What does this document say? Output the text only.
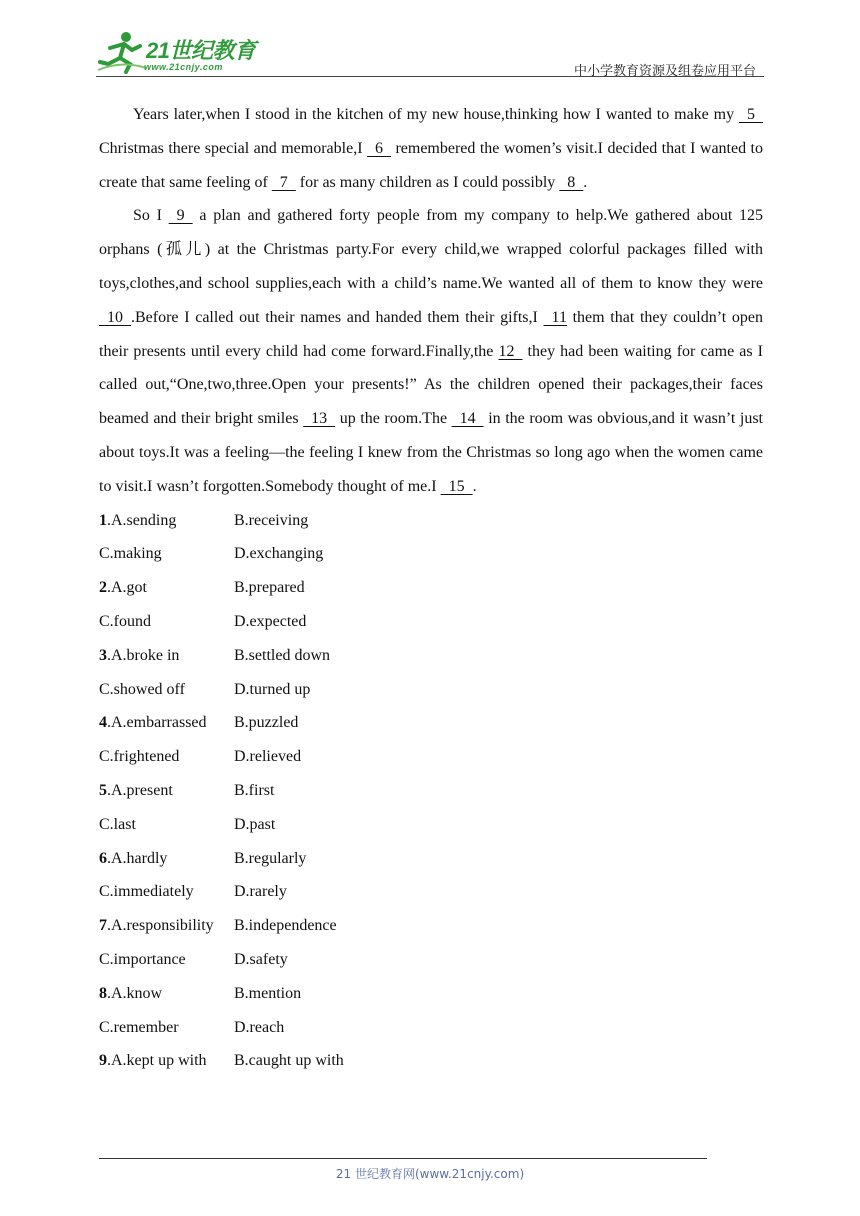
21世纪教育
www.21cnjy.com	中小学教育资源及组卷应用平台

Years later,when I stood in the kitchen of my new house,thinking how I wanted to make my   5   Christmas there special and memorable,I   6   remembered the women’s visit.I decided that I wanted to create that same feeling of   7   for as many children as I could possibly   8  .

So I   9   a plan and gathered forty people from my company to help.We gathered about 125 orphans (孤儿) at the Christmas party.For every child,we wrapped colorful packages filled with toys,clothes,and school supplies,each with a child’s name.We wanted all of them to know they were   10  .Before I called out their names and handed them their gifts,I   11 them that they couldn’t open their presents until every child had come forward.Finally,the 12   they had been waiting for came as I called out,“One,two,three.Open your presents!” As the children opened their packages,their faces beamed and their bright smiles   13   up the room.The   14   in the room was obvious,and it wasn’t just about toys.It was a feeling—the feeling I knew from the Christmas so long ago when the women came to visit.I wasn’t forgotten.Somebody thought of me.I   15  .

1.A.sending	B.receiving
C.making	D.exchanging
2.A.got	B.prepared
C.found	D.expected
3.A.broke in	B.settled down
C.showed off	D.turned up
4.A.embarrassed	B.puzzled
C.frightened	D.relieved
5.A.present	B.first
C.last	D.past
6.A.hardly	B.regularly
C.immediately	D.rarely
7.A.responsibility	B.independence
C.importance	D.safety
8.A.know	B.mention
C.remember	D.reach
9.A.kept up with	B.caught up with
21 世纪教育网(www.21cnjy.com)
